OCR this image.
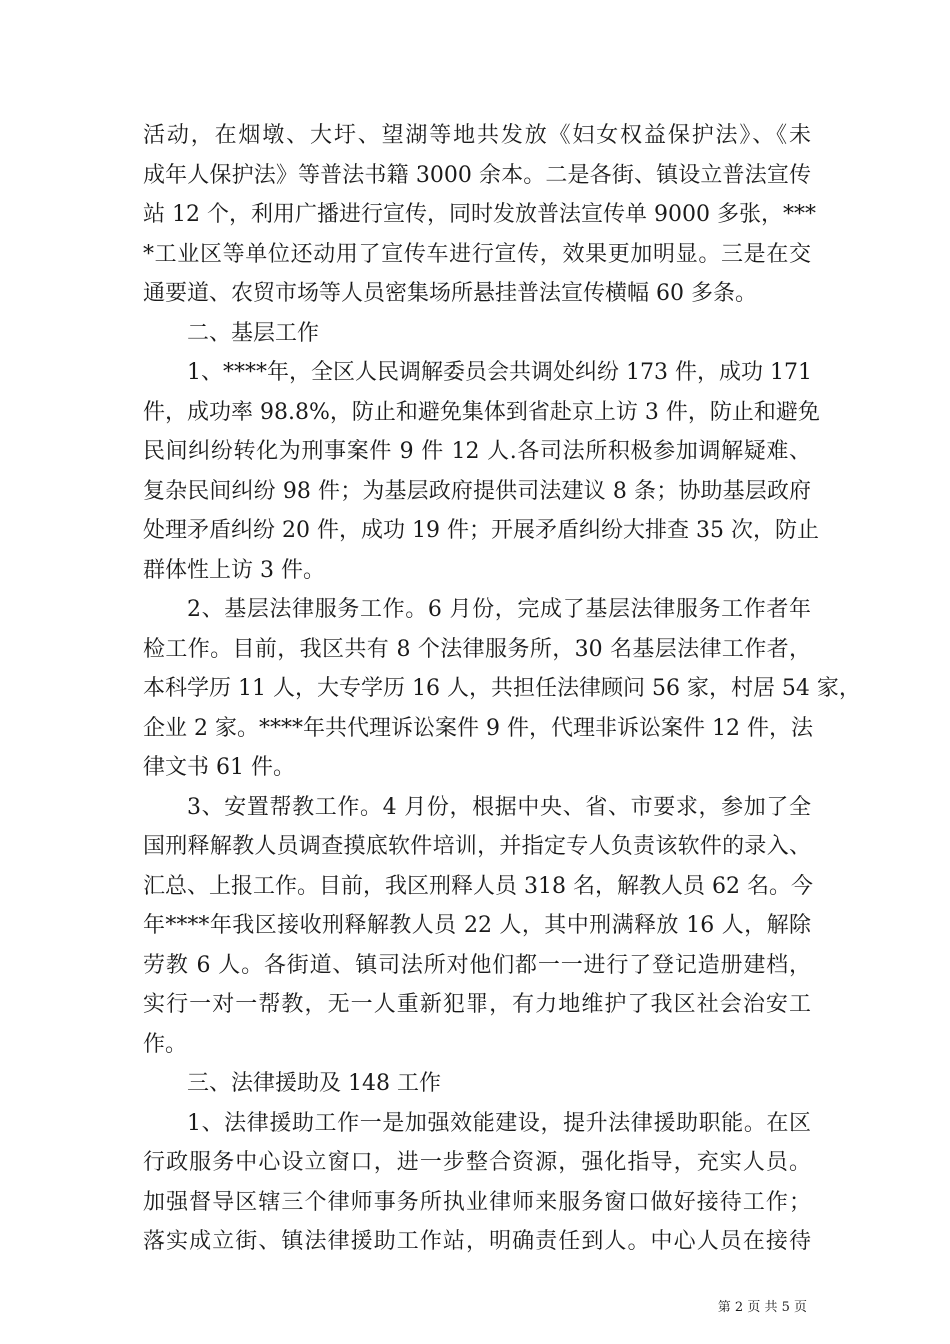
活动，在烟墩、大圩、望湖等地共发放《妇女权益保护法》、《未
成年人保护法》等普法书籍 3000 余本。二是各街、镇设立普法宣传
站 12 个，利用广播进行宣传，同时发放普法宣传单 9000 多张，***
*工业区等单位还动用了宣传车进行宣传，效果更加明显。三是在交
通要道、农贸市场等人员密集场所悬挂普法宣传横幅 60 多条。
二、基层工作
1、****年，全区人民调解委员会共调处纠纷 173 件，成功 171
件，成功率 98.8%，防止和避免集体到省赴京上访 3 件，防止和避免
民间纠纷转化为刑事案件 9 件 12 人.各司法所积极参加调解疑难、
复杂民间纠纷 98 件；为基层政府提供司法建议 8 条；协助基层政府
处理矛盾纠纷 20 件，成功 19 件；开展矛盾纠纷大排查 35 次，防止
群体性上访 3 件。
2、基层法律服务工作。6 月份，完成了基层法律服务工作者年
检工作。目前，我区共有 8 个法律服务所，30 名基层法律工作者，
本科学历 11 人，大专学历 16 人，共担任法律顾问 56 家，村居 54 家，
企业 2 家。****年共代理诉讼案件 9 件，代理非诉讼案件 12 件，法
律文书 61 件。
3、安置帮教工作。4 月份，根据中央、省、市要求，参加了全
国刑释解教人员调查摸底软件培训，并指定专人负责该软件的录入、
汇总、上报工作。目前，我区刑释人员 318 名，解教人员 62 名。今
年****年我区接收刑释解教人员 22 人，其中刑满释放 16 人，解除
劳教 6 人。各街道、镇司法所对他们都一一进行了登记造册建档，
实行一对一帮教，无一人重新犯罪，有力地维护了我区社会治安工
作。
三、法律援助及 148 工作
1、法律援助工作一是加强效能建设，提升法律援助职能。在区
行政服务中心设立窗口，进一步整合资源，强化指导，充实人员。
加强督导区辖三个律师事务所执业律师来服务窗口做好接待工作；
落实成立街、镇法律援助工作站，明确责任到人。中心人员在接待
第 2 页 共 5 页
